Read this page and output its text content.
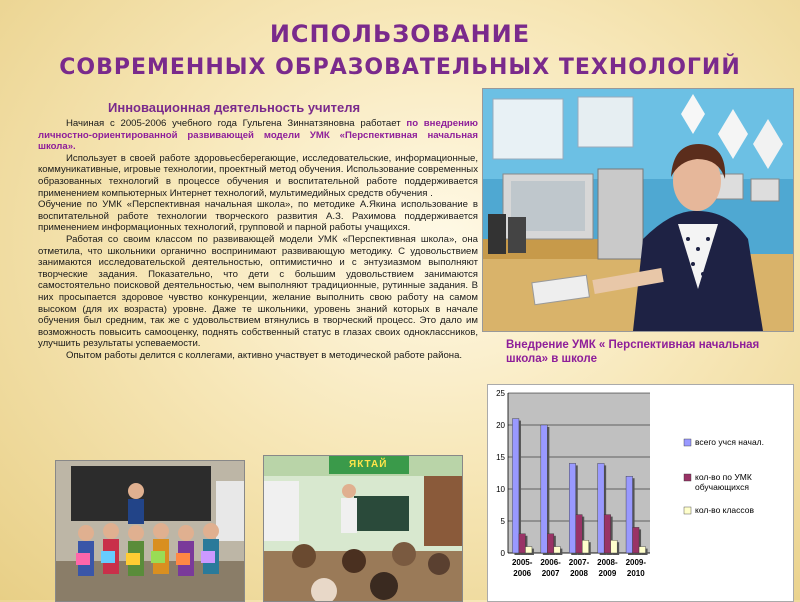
ИСПОЛЬЗОВАНИЕ
СОВРЕМЕННЫХ ОБРАЗОВАТЕЛЬНЫХ ТЕХНОЛОГИЙ
Инновационная деятельность учителя

Начиная с 2005-2006 учебного года Гульгена Зиннатзяновна работает по внедрению личностно-ориентированной развивающей модели УМК «Перспективная начальная школа».

Использует в своей работе здоровьесберегающие, исследовательские, информационные, коммуникативные, игровые технологии, проектный метод обучения. Использование современных образованных технологий в процессе обучения и воспитательной работе поддерживается применением компьютерных Интернет технологий, мультимедийных средств обучения .

Обучение по УМК «Перспективная начальная школа», по методике А.Якина использование в воспитательной работе технологии творческого развития А.З. Рахимова поддерживается применением информационных технологий, групповой и парной работы учащихся.

Работая со своим классом по развивающей модели УМК «Перспективная школа», она отметила, что школьники органично воспринимают развивающую методику. С удовольствием занимаются исследовательской деятельностью, оптимистично и с энтузиазмом выполняют творческие задания. Показательно, что дети с большим удовольствием занимаются самостоятельно поисковой деятельностью, чем выполняют традиционные, рутинные задания. В них просыпается здоровое чувство конкуренции, желание выполнить свою работу на самом высоком (для их возраста) уровне. Даже те школьники, уровень знаний которых в начале обучения был средним, так же с удовольствием втянулись в творческий процесс. Это дало им возможность повысить самооценку, поднять собственный статус в глазах своих одноклассников, улучшить результаты успеваемости.

Опытом работы делится с коллегами, активно участвует в методической работе района.

Внедрение УМК « Перспективная начальная школа» в школе
ЯКТАЙ
0
5
10
15
20
25
2005-2006
2006-2007
2007-2008
2008-2009
2009-2010
всего учся начал.
кол-во по УМК обучающихся
кол-во классов
